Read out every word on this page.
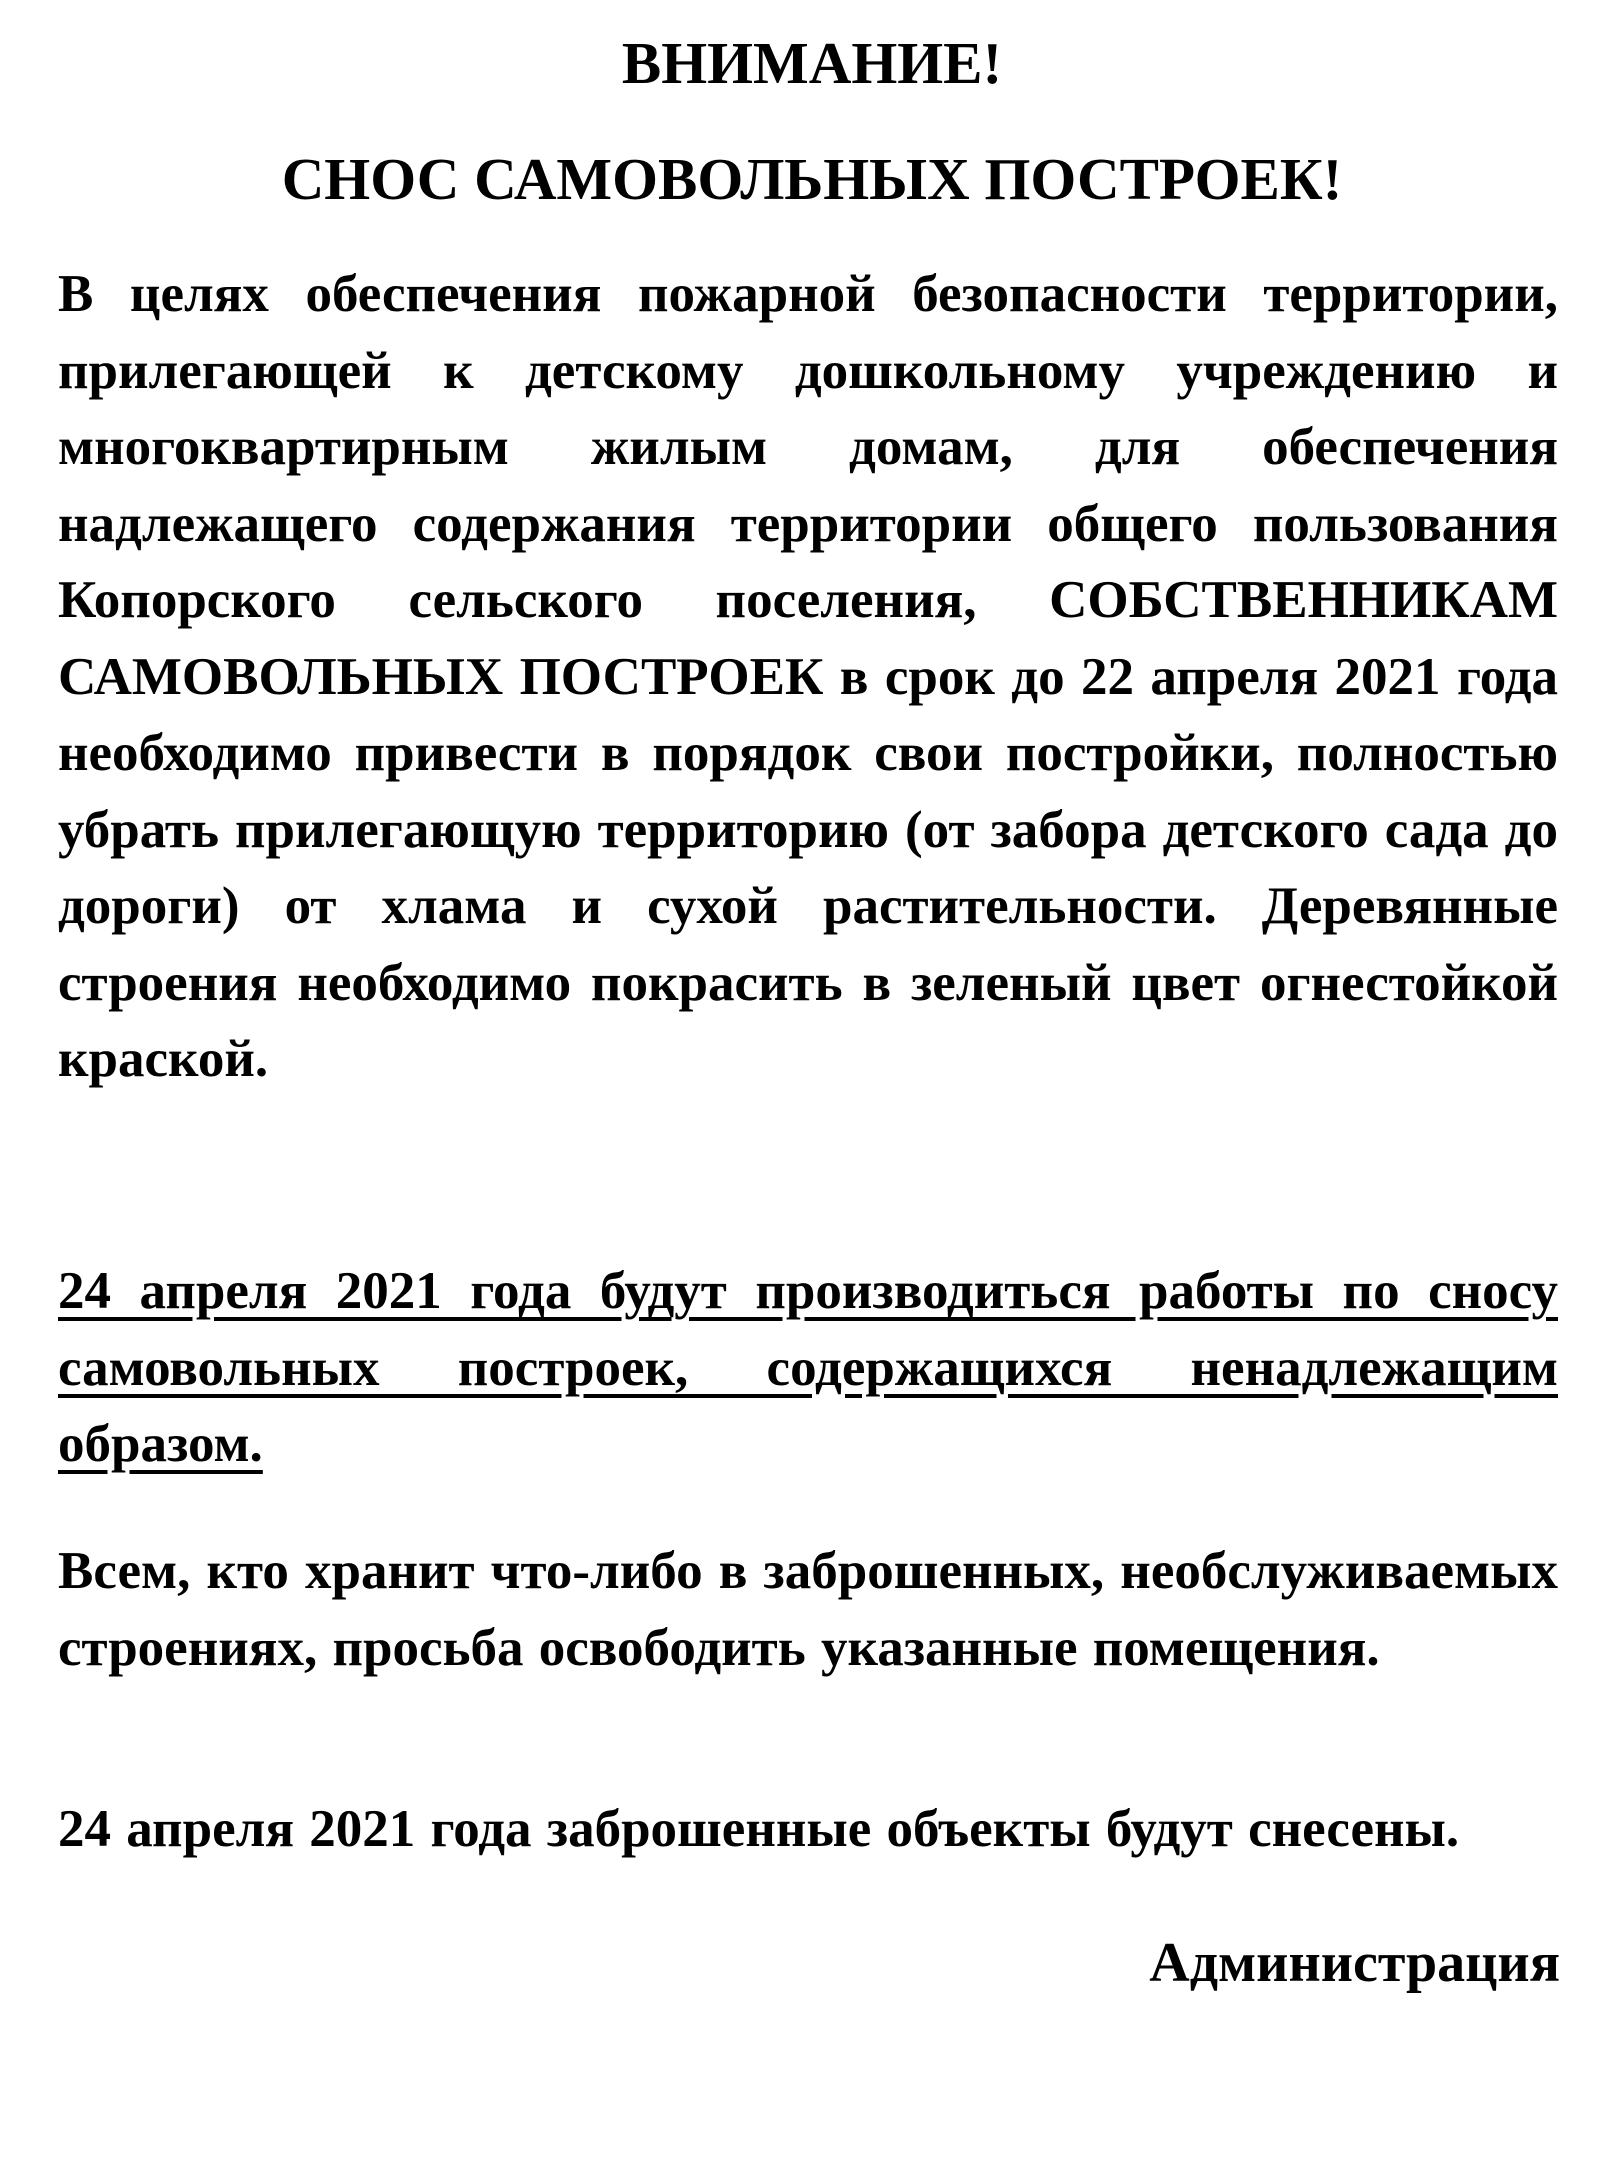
ВНИМАНИЕ!
СНОС САМОВОЛЬНЫХ ПОСТРОЕК!

В целях обеспечения пожарной безопасности территории, прилегающей к детскому дошкольному учреждению и многоквартирным жилым домам, для обеспечения надлежащего содержания территории общего пользования Копорского сельского поселения, СОБСТВЕННИКАМ САМОВОЛЬНЫХ ПОСТРОЕК в срок до 22 апреля 2021 года необходимо привести в порядок свои постройки, полностью убрать прилегающую территорию (от забора детского сада до дороги) от хлама и сухой растительности. Деревянные строения необходимо покрасить в зеленый цвет огнестойкой краской.

24 апреля 2021 года будут производиться работы по сносу самовольных построек, содержащихся ненадлежащим образом.

Всем, кто хранит что-либо в заброшенных, необслуживаемых строениях, просьба освободить указанные помещения.

24 апреля 2021 года заброшенные объекты будут снесены.

Администрация
